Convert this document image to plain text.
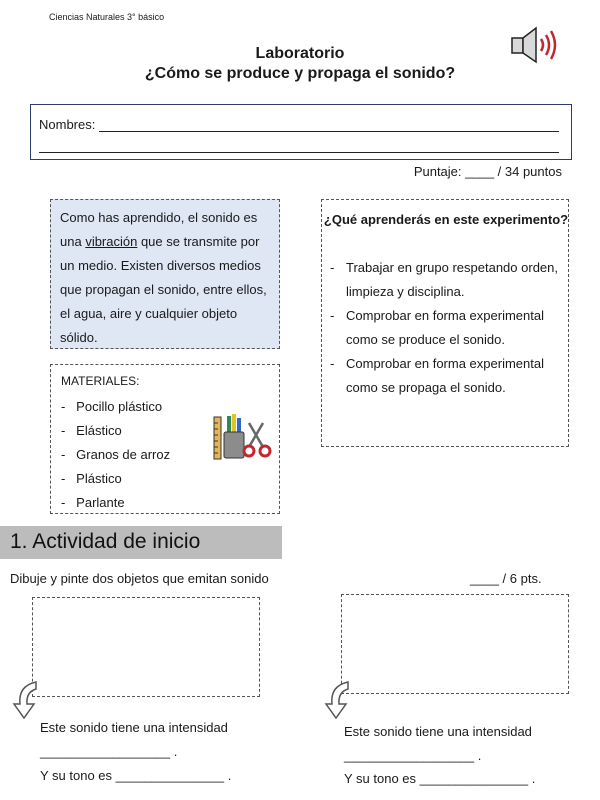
Ciencias Naturales 3° básico
Laboratorio
¿Cómo se produce y propaga el sonido?
Nombres:
Puntaje: ____ / 34 puntos
Como has aprendido, el sonido es una vibración que se transmite por un medio. Existen diversos medios que propagan el sonido, entre ellos, el agua, aire y cualquier objeto sólido.
MATERIALES:
-   Pocillo plástico
-   Elástico
-   Granos de arroz
-   Plástico
-   Parlante
¿Qué aprenderás en este experimento?
- Trabajar en grupo respetando orden, limpieza y disciplina.
- Comprobar en forma experimental como se produce el sonido.
- Comprobar en forma experimental como se propaga el sonido.
1. Actividad de inicio
Dibuje y pinte dos objetos que emitan sonido	____ / 6 pts.
Este sonido tiene una intensidad
__________________ .
Y su tono es _______________ .
Este sonido tiene una intensidad
__________________ .
Y su tono es _______________ .
